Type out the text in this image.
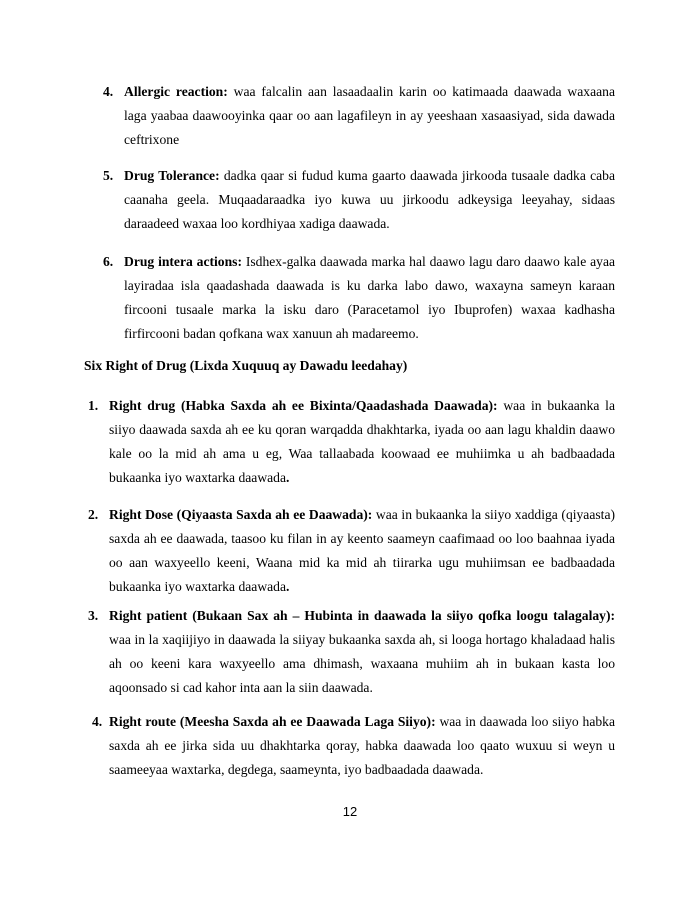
4. Allergic reaction: waa falcalin aan lasaadaalin karin oo katimaada daawada waxaana laga yaabaa daawooyinka qaar oo aan lagafileyn in ay yeeshaan xasaasiyad, sida dawada ceftrixone

5. Drug Tolerance: dadka qaar si fudud kuma gaarto daawada jirkooda tusaale dadka caba caanaha geela. Muqaadaraadka iyo kuwa uu jirkoodu adkeysiga leeyahay, sidaas daraadeed waxaa loo kordhiyaa xadiga daawada.

6. Drug intera actions: Isdhex-galka daawada marka hal daawo lagu daro daawo kale ayaa layiradaa isla qaadashada daawada is ku darka labo dawo, waxayna sameyn karaan fircooni tusaale marka la isku daro (Paracetamol iyo Ibuprofen) waxaa kadhasha firfircooni badan qofkana wax xanuun ah madareemo.

Six Right of Drug (Lixda Xuquuq ay Dawadu leedahay)
1. Right drug (Habka Saxda ah ee Bixinta/Qaadashada Daawada): waa in bukaanka la siiyo daawada saxda ah ee ku qoran warqadda dhakhtarka, iyada oo aan lagu khaldin daawo kale oo la mid ah ama u eg, Waa tallaabada koowaad ee muhiimka u ah badbaadada bukaanka iyo waxtarka daawada.

2. Right Dose (Qiyaasta Saxda ah ee Daawada): waa in bukaanka la siiyo xaddiga (qiyaasta) saxda ah ee daawada, taasoo ku filan in ay keento saameyn caafimaad oo loo baahnaa iyada oo aan waxyeello keeni, Waana mid ka mid ah tiirarka ugu muhiimsan ee badbaadada bukaanka iyo waxtarka daawada.

3. Right patient (Bukaan Sax ah – Hubinta in daawada la siiyo qofka loogu talagalay): waa in la xaqiijiyo in daawada la siiyay bukaanka saxda ah, si looga hortago khaladaad halis ah oo keeni kara waxyeello ama dhimash, waxaana muhiim ah in bukaan kasta loo aqoonsado si cad kahor inta aan la siin daawada.

4. Right route (Meesha Saxda ah ee Daawada Laga Siiyo): waa in daawada loo siiyo habka saxda ah ee jirka sida uu dhakhtarka qoray, habka daawada loo qaato wuxuu si weyn u saameeyaa waxtarka, degdega, saameynta, iyo badbaadada daawada.

12
